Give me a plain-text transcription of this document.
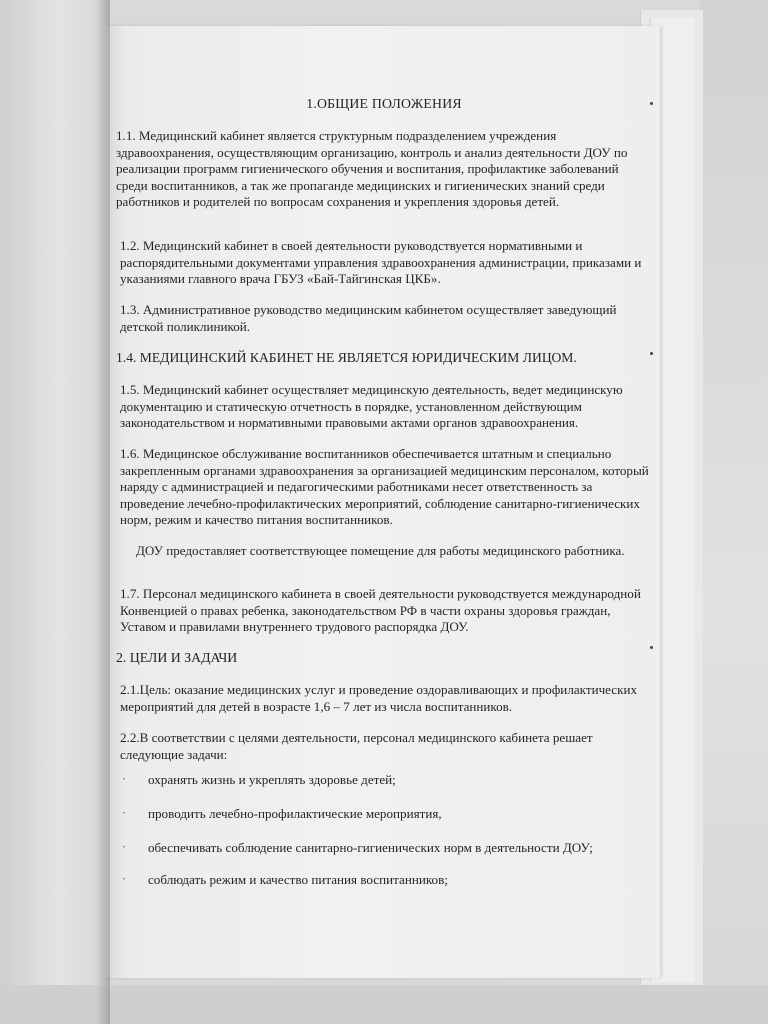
1.ОБЩИЕ ПОЛОЖЕНИЯ

1.1. Медицинский кабинет является структурным подразделением учреждения здравоохранения, осуществляющим организацию, контроль и анализ деятельности ДОУ по реализации программ гигиенического обучения и воспитания, профилактике заболеваний среди воспитанников, а так же пропаганде медицинских и гигиенических знаний среди работников и родителей по вопросам сохранения и укрепления здоровья детей.

1.2. Медицинский кабинет в своей деятельности руководствуется нормативными и распорядительными документами управления здравоохранения администрации, приказами и указаниями главного врача ГБУЗ «Бай-Тайгинская ЦКБ».

1.3. Административное руководство медицинским кабинетом осуществляет заведующий детской поликлиникой.

1.4. МЕДИЦИНСКИЙ КАБИНЕТ НЕ ЯВЛЯЕТСЯ ЮРИДИЧЕСКИМ ЛИЦОМ.

1.5. Медицинский кабинет осуществляет медицинскую деятельность, ведет медицинскую документацию и статическую отчетность в порядке, установленном действующим законодательством и нормативными правовыми актами органов здравоохранения.

1.6. Медицинское обслуживание воспитанников обеспечивается штатным и специально закрепленным органами здравоохранения за организацией медицинским персоналом, который наряду с администрацией и педагогическими работниками несет ответственность за проведение лечебно-профилактических мероприятий, соблюдение санитарно-гигиенических норм, режим и качество питания воспитанников.

ДОУ предоставляет соответствующее помещение для работы медицинского работника.

1.7. Персонал медицинского кабинета в своей деятельности руководствуется международной Конвенцией о правах ребенка, законодательством РФ в части охраны здоровья граждан, Уставом и правилами внутреннего трудового распорядка ДОУ.

2. ЦЕЛИ И ЗАДАЧИ

2.1.Цель: оказание медицинских услуг и проведение оздоравливающих и профилактических мероприятий для детей в возрасте 1,6 – 7 лет из числа воспитанников.

2.2.В соответствии с целями деятельности, персонал медицинского кабинета решает следующие задачи:

· охранять жизнь и укреплять здоровье детей;
· проводить лечебно-профилактические мероприятия,
· обеспечивать соблюдение санитарно-гигиенических норм в деятельности ДОУ;
· соблюдать режим и качество питания воспитанников;
